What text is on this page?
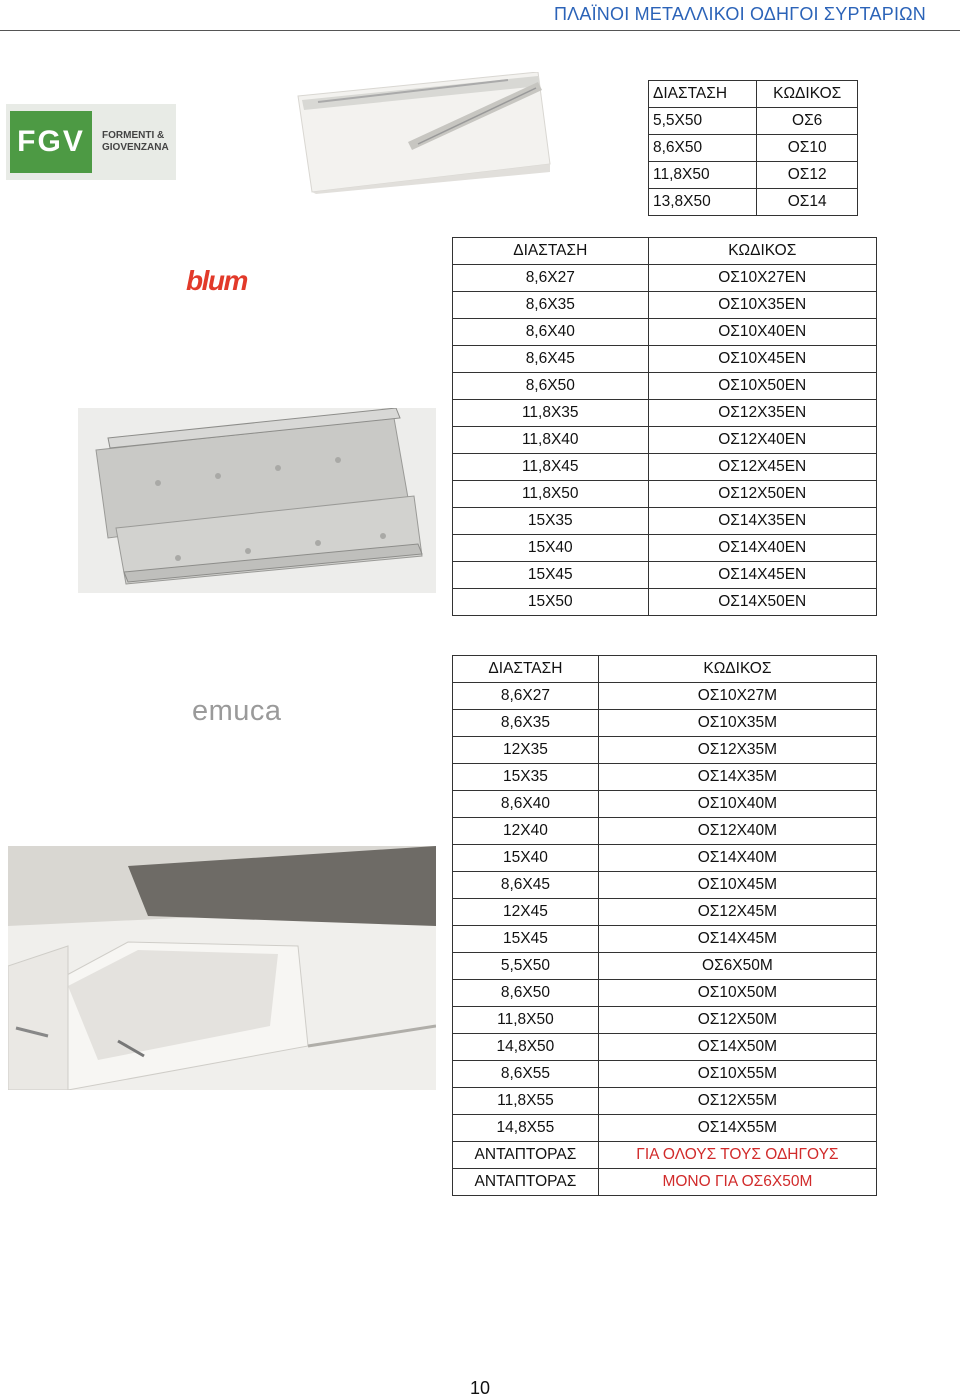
ΠΛΑΪΝΟΙ ΜΕΤΑΛΛΙΚΟΙ ΟΔΗΓΟΙ ΣΥΡΤΑΡΙΩΝ
FGV	FORMENTI &
GIOVENZANA
blum
emuca
ΔΙΑΣΤΑΣΗ	ΚΩΔΙΚΟΣ
5,5Χ50	ΟΣ6
8,6Χ50	ΟΣ10
11,8Χ50	ΟΣ12
13,8Χ50	ΟΣ14
ΔΙΑΣΤΑΣΗ	ΚΩΔΙΚΟΣ
8,6Χ27	ΟΣ10Χ27ΕΝ
8,6Χ35	ΟΣ10Χ35ΕΝ
8,6Χ40	ΟΣ10Χ40ΕΝ
8,6Χ45	ΟΣ10Χ45ΕΝ
8,6Χ50	ΟΣ10Χ50ΕΝ
11,8Χ35	ΟΣ12Χ35ΕΝ
11,8Χ40	ΟΣ12Χ40ΕΝ
11,8Χ45	ΟΣ12Χ45ΕΝ
11,8Χ50	ΟΣ12Χ50ΕΝ
15Χ35	ΟΣ14Χ35ΕΝ
15Χ40	ΟΣ14Χ40ΕΝ
15Χ45	ΟΣ14Χ45ΕΝ
15Χ50	ΟΣ14Χ50ΕΝ
ΔΙΑΣΤΑΣΗ	ΚΩΔΙΚΟΣ
8,6Χ27	ΟΣ10Χ27Μ
8,6Χ35	ΟΣ10Χ35Μ
12Χ35	ΟΣ12Χ35Μ
15Χ35	ΟΣ14Χ35Μ
8,6Χ40	ΟΣ10Χ40Μ
12Χ40	ΟΣ12Χ40Μ
15Χ40	ΟΣ14Χ40Μ
8,6Χ45	ΟΣ10Χ45Μ
12Χ45	ΟΣ12Χ45Μ
15Χ45	ΟΣ14Χ45Μ
5,5Χ50	ΟΣ6Χ50Μ
8,6Χ50	ΟΣ10Χ50Μ
11,8Χ50	ΟΣ12Χ50Μ
14,8Χ50	ΟΣ14Χ50Μ
8,6Χ55	ΟΣ10Χ55Μ
11,8Χ55	ΟΣ12Χ55Μ
14,8Χ55	ΟΣ14Χ55Μ
ΑΝΤΑΠΤΟΡΑΣ	ΓΙΑ ΟΛΟΥΣ ΤΟΥΣ ΟΔΗΓΟΥΣ
ΑΝΤΑΠΤΟΡΑΣ	ΜΟΝΟ ΓΙΑ ΟΣ6Χ50Μ
10
